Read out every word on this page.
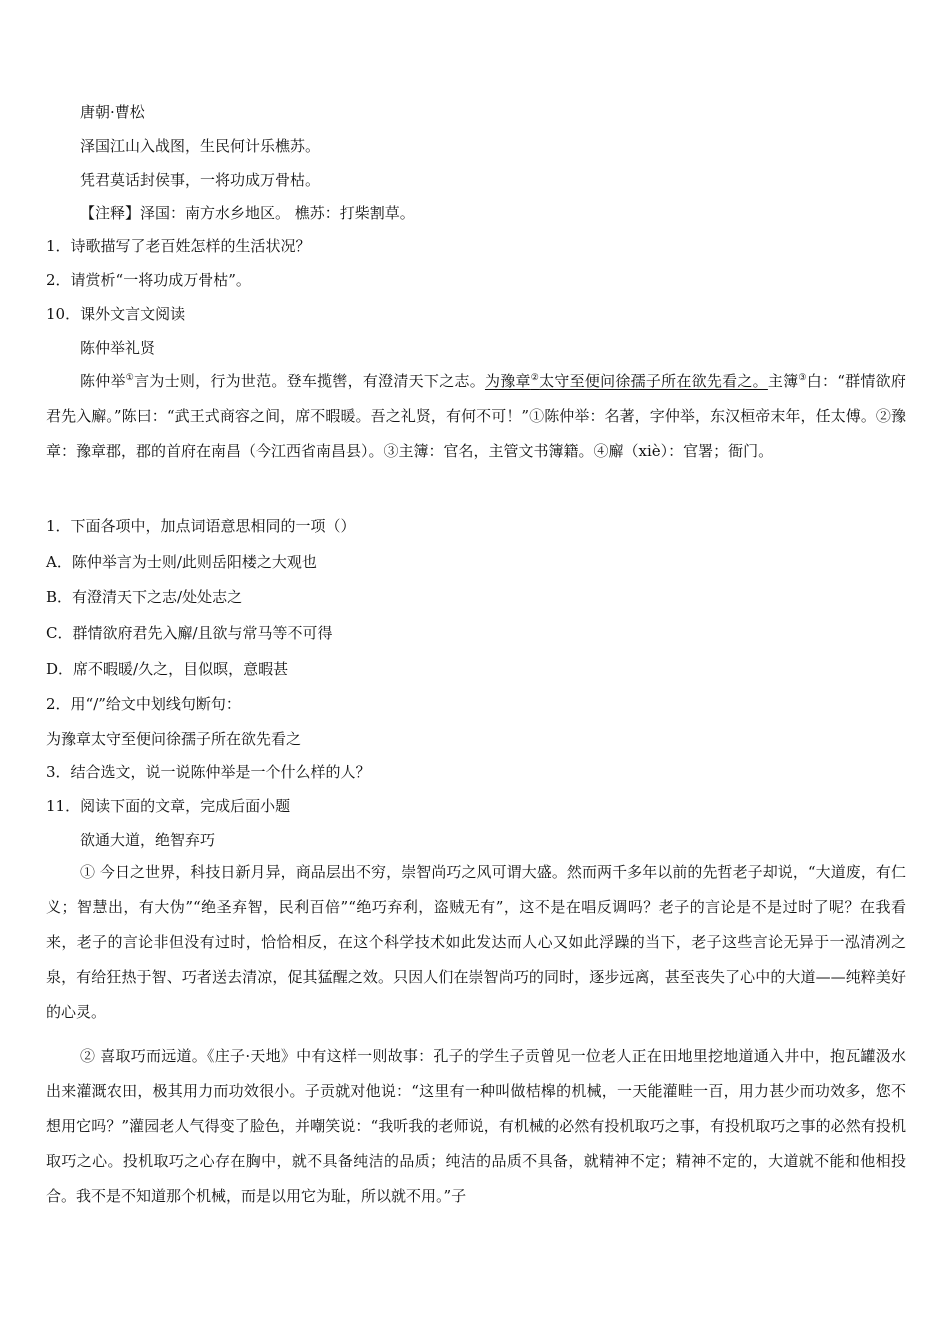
唐朝·曹松

泽国江山入战图，生民何计乐樵苏。

凭君莫话封侯事，一将功成万骨枯。

【注释】泽国：南方水乡地区。 樵苏：打柴割草。

1．诗歌描写了老百姓怎样的生活状况？

2．请赏析“一将功成万骨枯”。

10．课外文言文阅读

陈仲举礼贤

陈仲举①言为士则，行为世范。登车揽辔，有澄清天下之志。为豫章②太守至便问徐孺子所在欲先看之。主簿③白：“群情欲府君先入廨。”陈曰：“武王式商容之间，席不暇暖。吾之礼贤，有何不可！”①陈仲举：名著，字仲举，东汉桓帝末年，任太傅。②豫章：豫章郡，郡的首府在南昌（今江西省南昌县）。③主簿：官名，主管文书簿籍。④廨（xiè）：官署；衙门。

1．下面各项中，加点词语意思相同的一项（）

A．陈仲举言为士则/此则岳阳楼之大观也

B．有澄清天下之志/处处志之

C．群情欲府君先入廨/且欲与常马等不可得

D．席不暇暖/久之，目似暝，意暇甚

2．用“/”给文中划线句断句：

为豫章太守至便问徐孺子所在欲先看之

3．结合选文，说一说陈仲举是一个什么样的人？

11．阅读下面的文章，完成后面小题

欲通大道，绝智弃巧

① 今日之世界，科技日新月异，商品层出不穷，崇智尚巧之风可谓大盛。然而两千多年以前的先哲老子却说，“大道废，有仁义；智慧出，有大伪”“绝圣弃智，民利百倍”“绝巧弃利，盗贼无有”，这不是在唱反调吗？老子的言论是不是过时了呢？在我看来，老子的言论非但没有过时，恰恰相反，在这个科学技术如此发达而人心又如此浮躁的当下，老子这些言论无异于一泓清冽之泉，有给狂热于智、巧者送去清凉，促其猛醒之效。只因人们在崇智尚巧的同时，逐步远离，甚至丧失了心中的大道——纯粹美好的心灵。

② 喜取巧而远道。《庄子·天地》中有这样一则故事：孔子的学生子贡曾见一位老人正在田地里挖地道通入井中，抱瓦罐汲水出来灌溉农田，极其用力而功效很小。子贡就对他说：“这里有一种叫做桔槔的机械，一天能灌畦一百，用力甚少而功效多，您不想用它吗？”灌园老人气得变了脸色，并嘲笑说：“我听我的老师说，有机械的必然有投机取巧之事，有投机取巧之事的必然有投机取巧之心。投机取巧之心存在胸中，就不具备纯洁的品质；纯洁的品质不具备，就精神不定；精神不定的，大道就不能和他相投合。我不是不知道那个机械，而是以用它为耻，所以就不用。”子
